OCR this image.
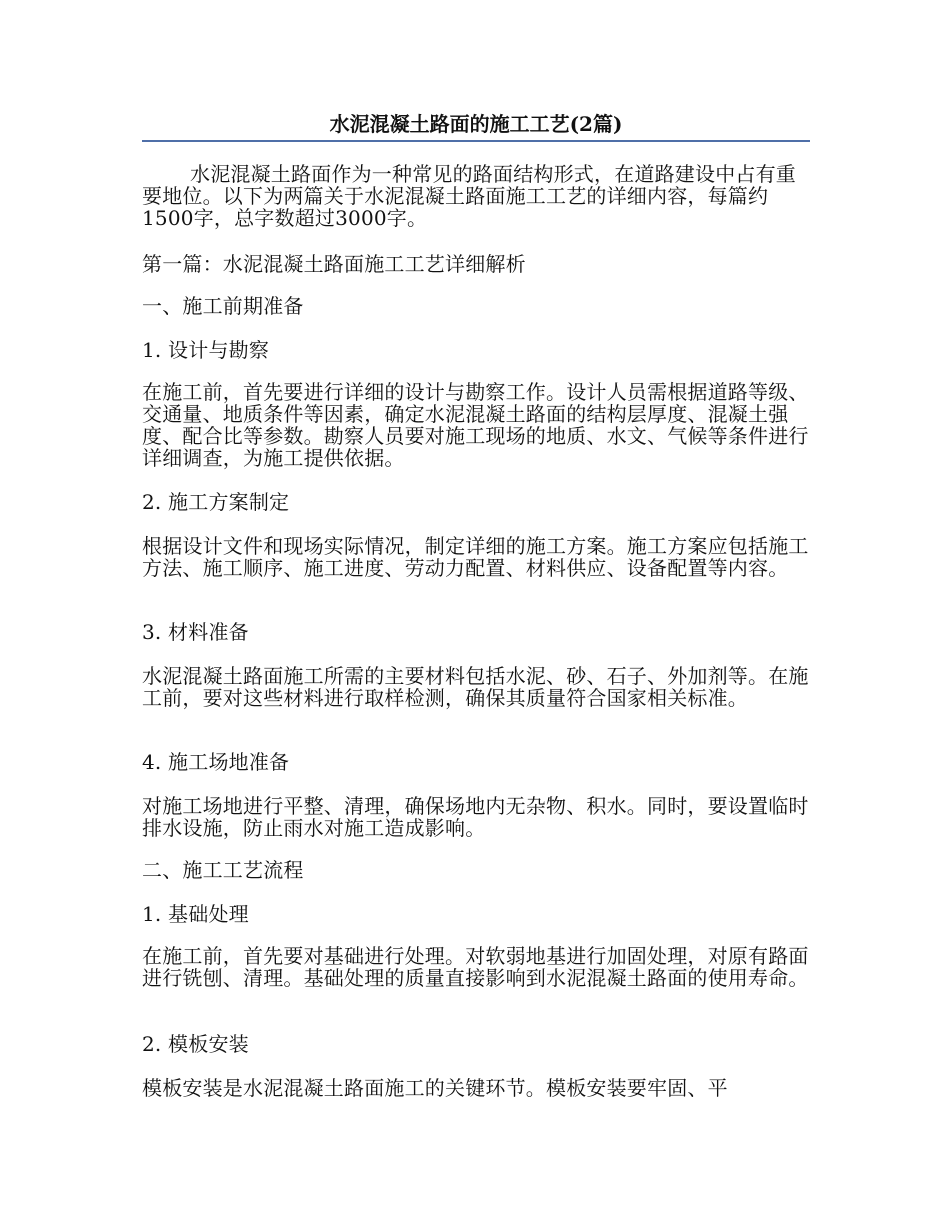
水泥混凝土路面的施工工艺(2篇)

水泥混凝土路面作为一种常见的路面结构形式，在道路建设中占有重要地位。以下为两篇关于水泥混凝土路面施工工艺的详细内容，每篇约1500字，总字数超过3000字。

第一篇：水泥混凝土路面施工工艺详细解析

一、施工前期准备

1. 设计与勘察

在施工前，首先要进行详细的设计与勘察工作。设计人员需根据道路等级、交通量、地质条件等因素，确定水泥混凝土路面的结构层厚度、混凝土强度、配合比等参数。勘察人员要对施工现场的地质、水文、气候等条件进行详细调查，为施工提供依据。

2. 施工方案制定

根据设计文件和现场实际情况，制定详细的施工方案。施工方案应包括施工方法、施工顺序、施工进度、劳动力配置、材料供应、设备配置等内容。

3. 材料准备

水泥混凝土路面施工所需的主要材料包括水泥、砂、石子、外加剂等。在施工前，要对这些材料进行取样检测，确保其质量符合国家相关标准。

4. 施工场地准备

对施工场地进行平整、清理，确保场地内无杂物、积水。同时，要设置临时排水设施，防止雨水对施工造成影响。

二、施工工艺流程

1. 基础处理

在施工前，首先要对基础进行处理。对软弱地基进行加固处理，对原有路面进行铣刨、清理。基础处理的质量直接影响到水泥混凝土路面的使用寿命。

2. 模板安装

模板安装是水泥混凝土路面施工的关键环节。模板安装要牢固、平
